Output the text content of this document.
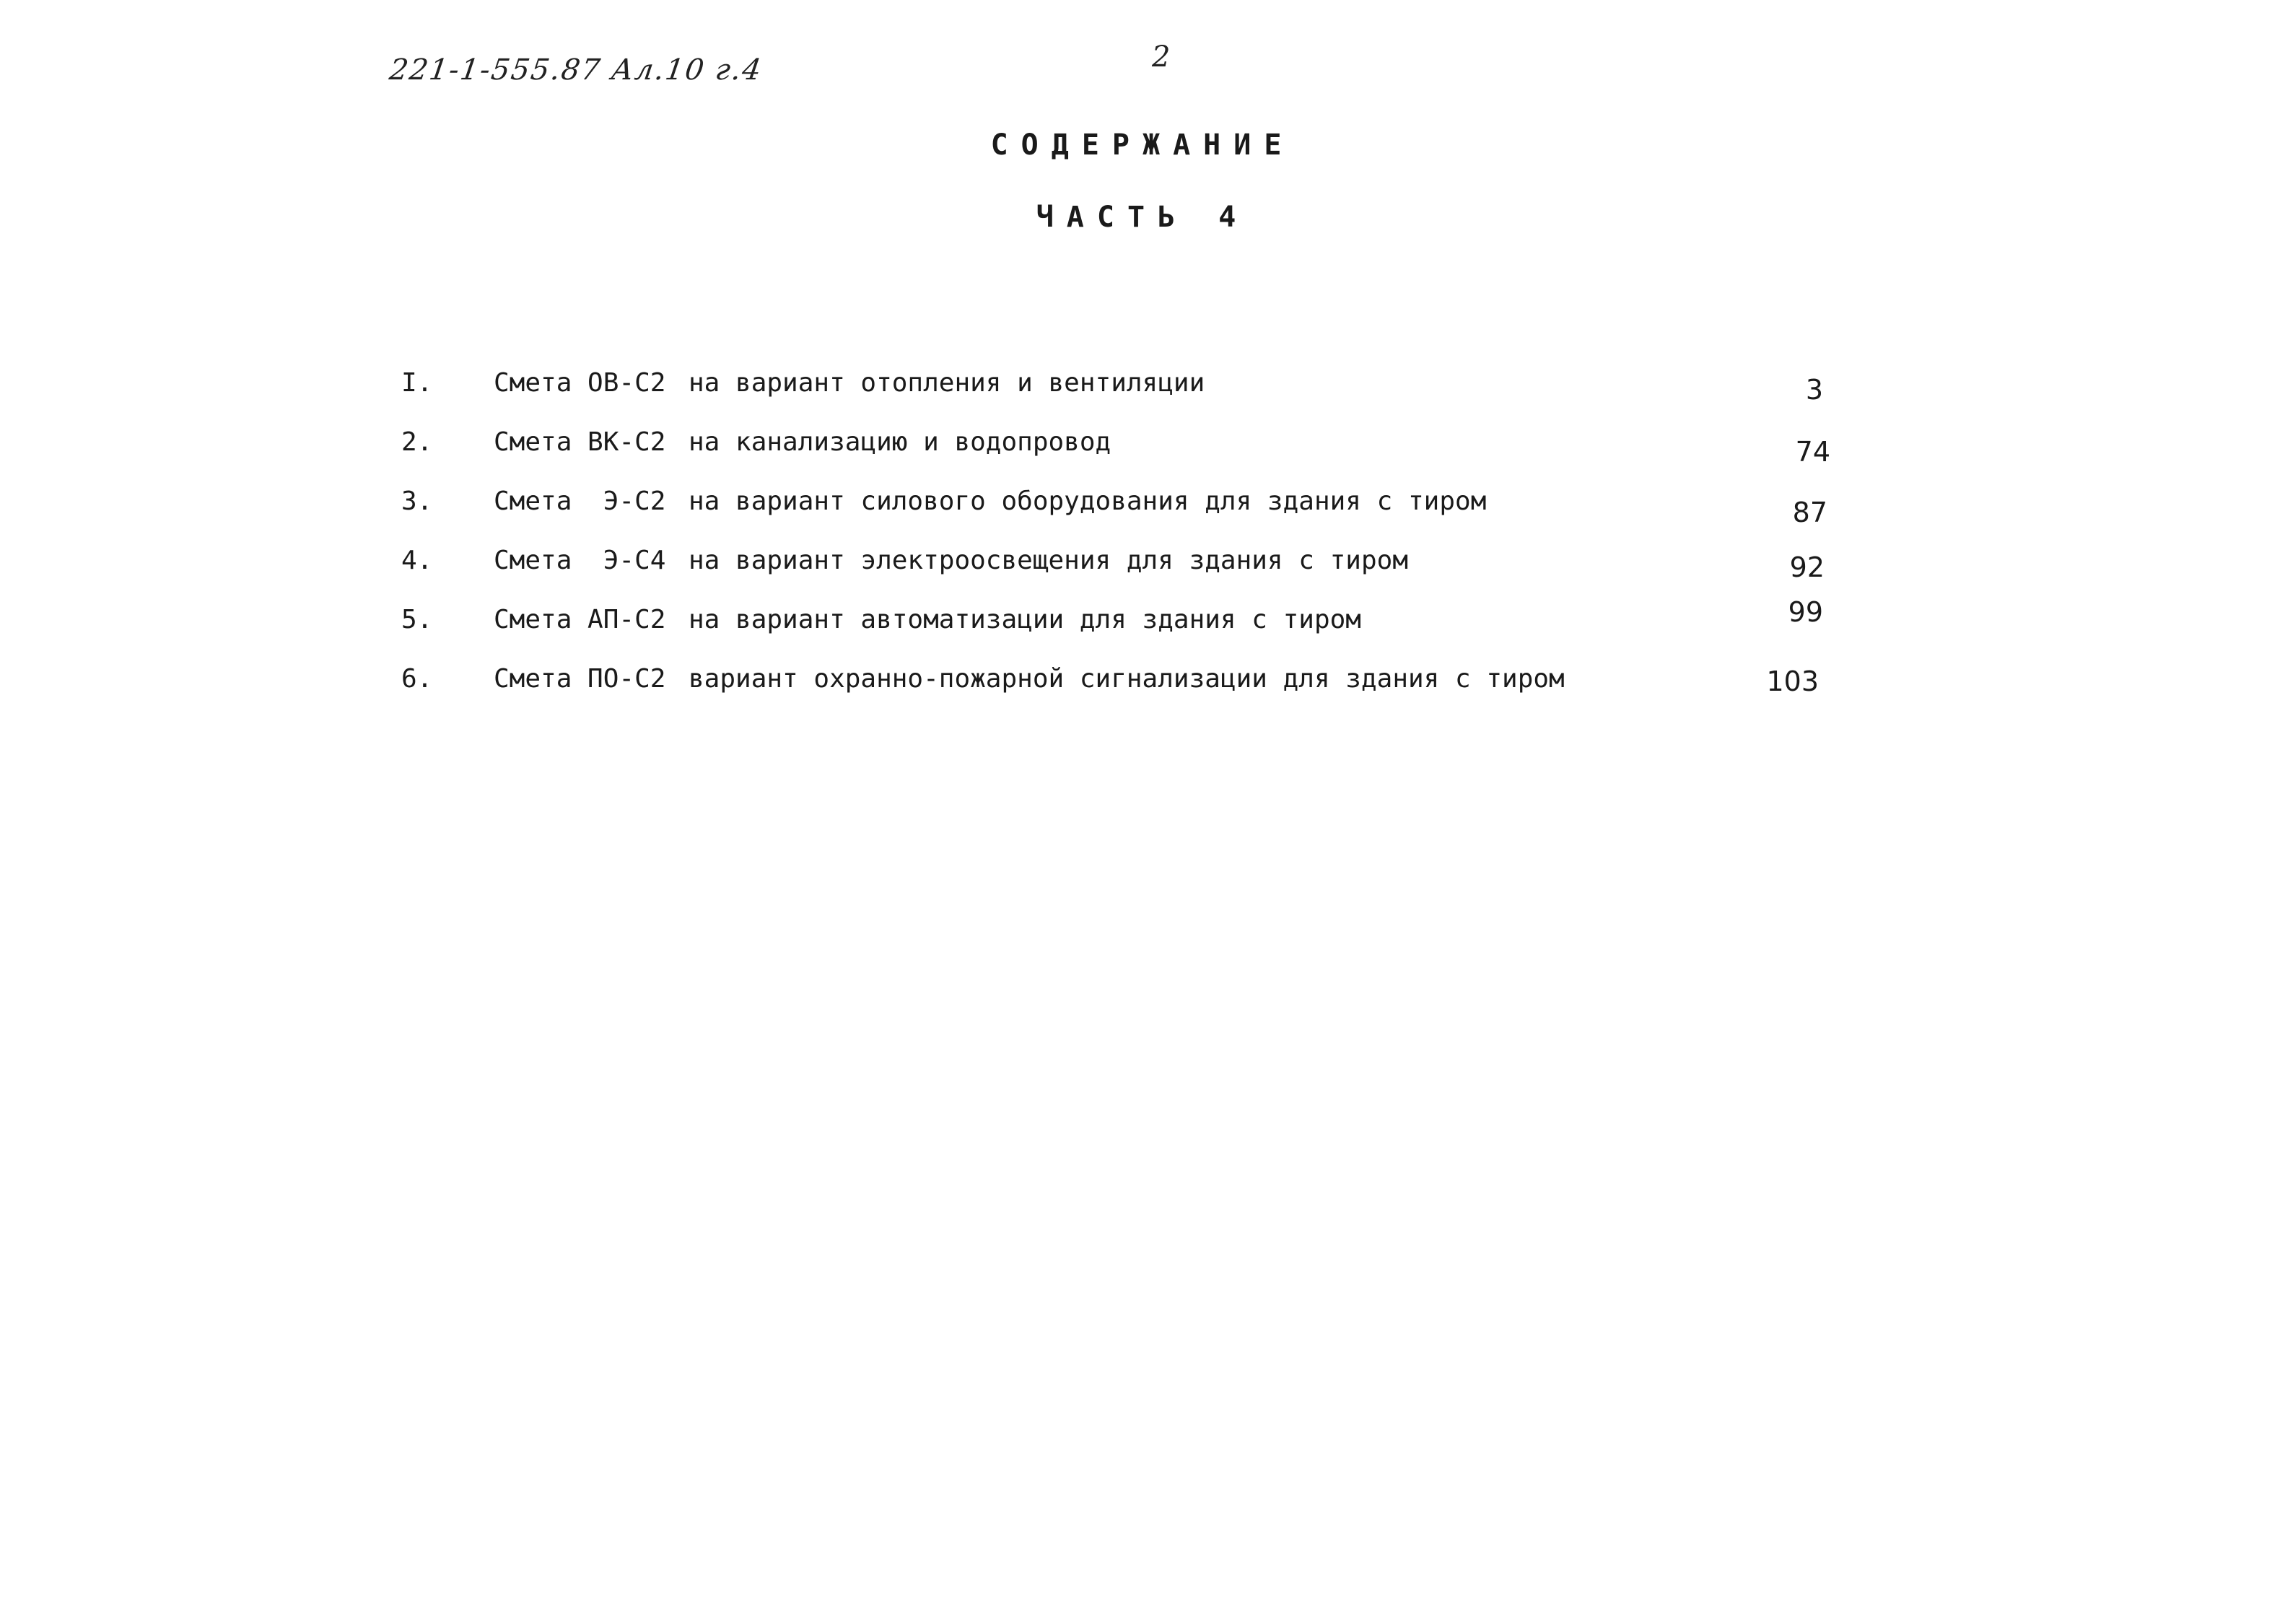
221-1-555.87 Ал.10 г.4	2
СОДЕРЖАНИЕ
ЧАСТЬ 4
I. Смета ОВ-С2 на вариант отопления и вентиляции	3
2. Смета ВК-С2 на канализацию и водопровод	74
3. Смета  Э-С2 на вариант силового оборудования для здания с тиром	87
4. Смета  Э-С4 на вариант электроосвещения для здания с тиром	92
5. Смета АП-С2 на вариант автоматизации для здания с тиром	99
6. Смета ПО-С2 вариант охранно-пожарной сигнализации для здания с тиром	103
